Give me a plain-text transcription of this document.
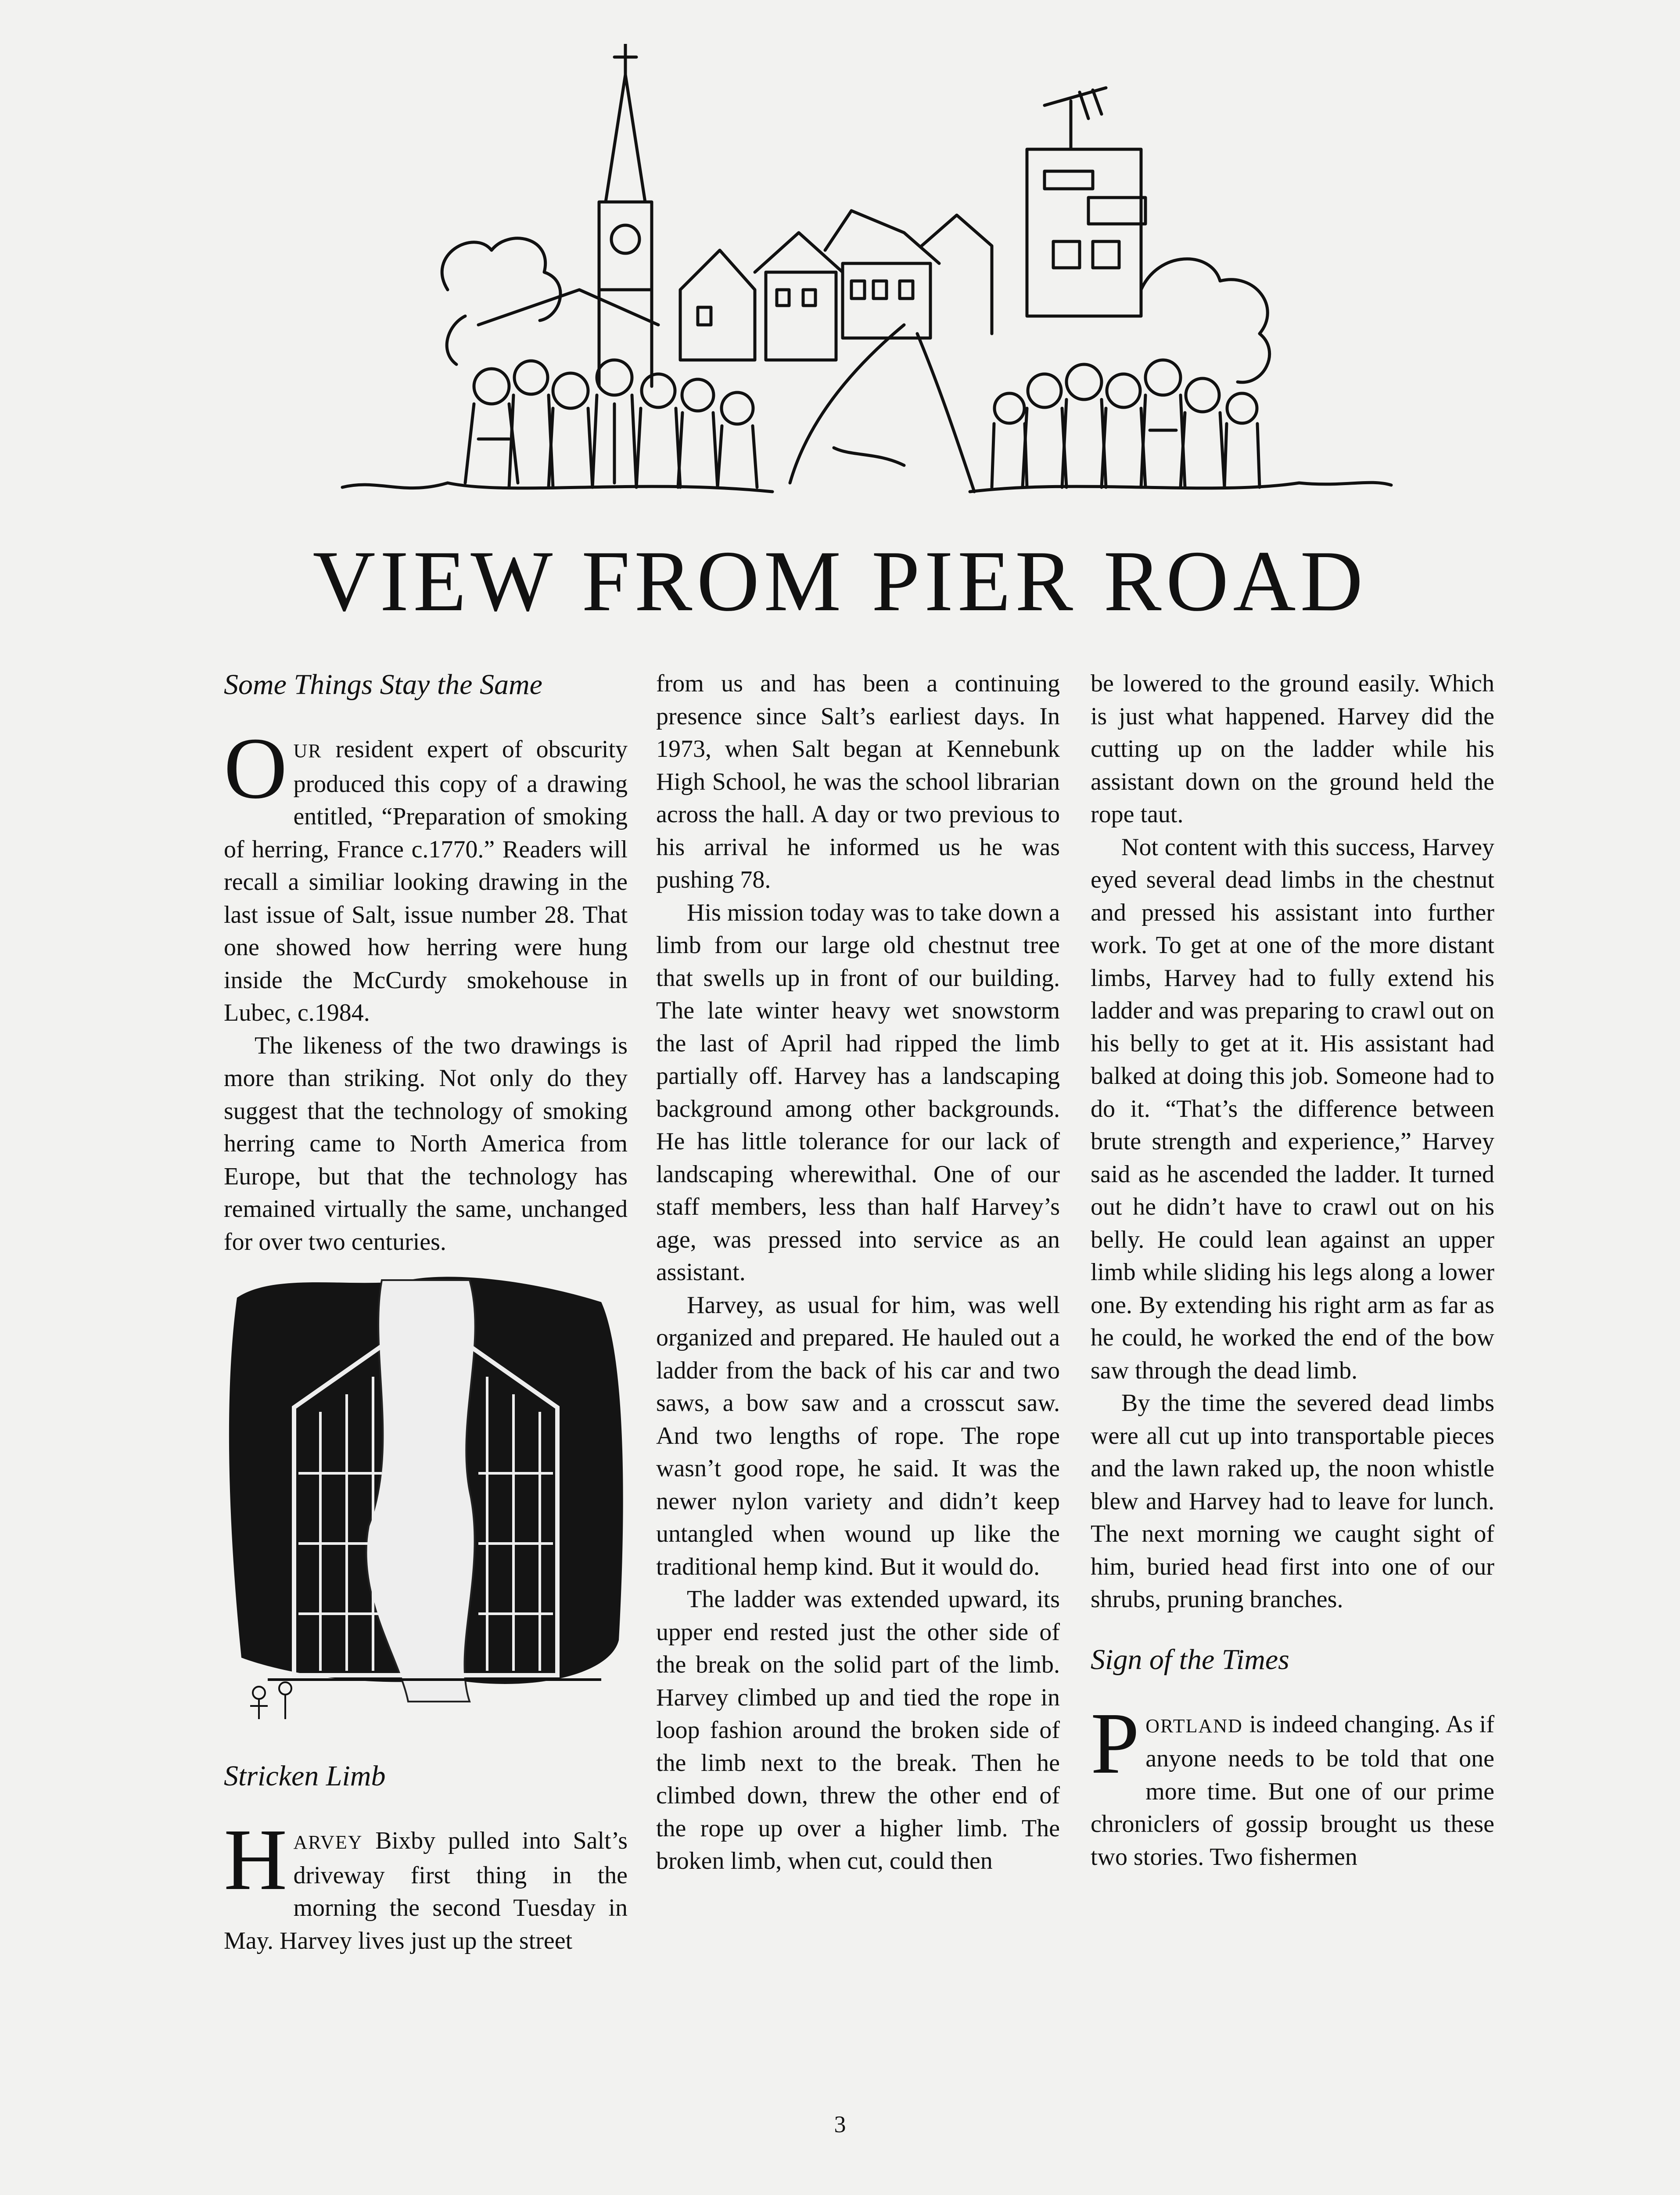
VIEW FROM PIER ROAD
Some Things Stay the Same

OUR resident expert of obscurity produced this copy of a drawing entitled, “Preparation of smoking of herring, France c.1770.” Readers will recall a similiar looking drawing in the last issue of Salt, issue number 28. That one showed how herring were hung inside the McCurdy smokehouse in Lubec, c.1984.

The likeness of the two drawings is more than striking. Not only do they suggest that the technology of smoking herring came to North America from Europe, but that the technology has remained virtually the same, unchanged for over two centuries.

Stricken Limb

HARVEY Bixby pulled into Salt’s driveway first thing in the morning the second Tuesday in May. Harvey lives just up the street

from us and has been a continuing presence since Salt’s earliest days. In 1973, when Salt began at Kennebunk High School, he was the school librarian across the hall. A day or two previous to his arrival he informed us he was pushing 78.

His mission today was to take down a limb from our large old chestnut tree that swells up in front of our building. The late winter heavy wet snowstorm the last of April had ripped the limb partially off. Harvey has a landscaping background among other backgrounds. He has little tolerance for our lack of landscaping wherewithal. One of our staff members, less than half Harvey’s age, was pressed into service as an assistant.

Harvey, as usual for him, was well organized and prepared. He hauled out a ladder from the back of his car and two saws, a bow saw and a crosscut saw. And two lengths of rope. The rope wasn’t good rope, he said. It was the newer nylon variety and didn’t keep untangled when wound up like the traditional hemp kind. But it would do.

The ladder was extended upward, its upper end rested just the other side of the break on the solid part of the limb. Harvey climbed up and tied the rope in loop fashion around the broken side of the limb next to the break. Then he climbed down, threw the other end of the rope up over a higher limb. The broken limb, when cut, could then

be lowered to the ground easily. Which is just what happened. Harvey did the cutting up on the ladder while his assistant down on the ground held the rope taut.

Not content with this success, Harvey eyed several dead limbs in the chestnut and pressed his assistant into further work. To get at one of the more distant limbs, Harvey had to fully extend his ladder and was preparing to crawl out on his belly to get at it. His assistant had balked at doing this job. Someone had to do it. “That’s the difference between brute strength and experience,” Harvey said as he ascended the ladder. It turned out he didn’t have to crawl out on his belly. He could lean against an upper limb while sliding his legs along a lower one. By extending his right arm as far as he could, he worked the end of the bow saw through the dead limb.

By the time the severed dead limbs were all cut up into transportable pieces and the lawn raked up, the noon whistle blew and Harvey had to leave for lunch. The next morning we caught sight of him, buried head first into one of our shrubs, pruning branches.

Sign of the Times

PORTLAND is indeed changing. As if anyone needs to be told that one more time. But one of our prime chroniclers of gossip brought us these two stories. Two fishermen

3
